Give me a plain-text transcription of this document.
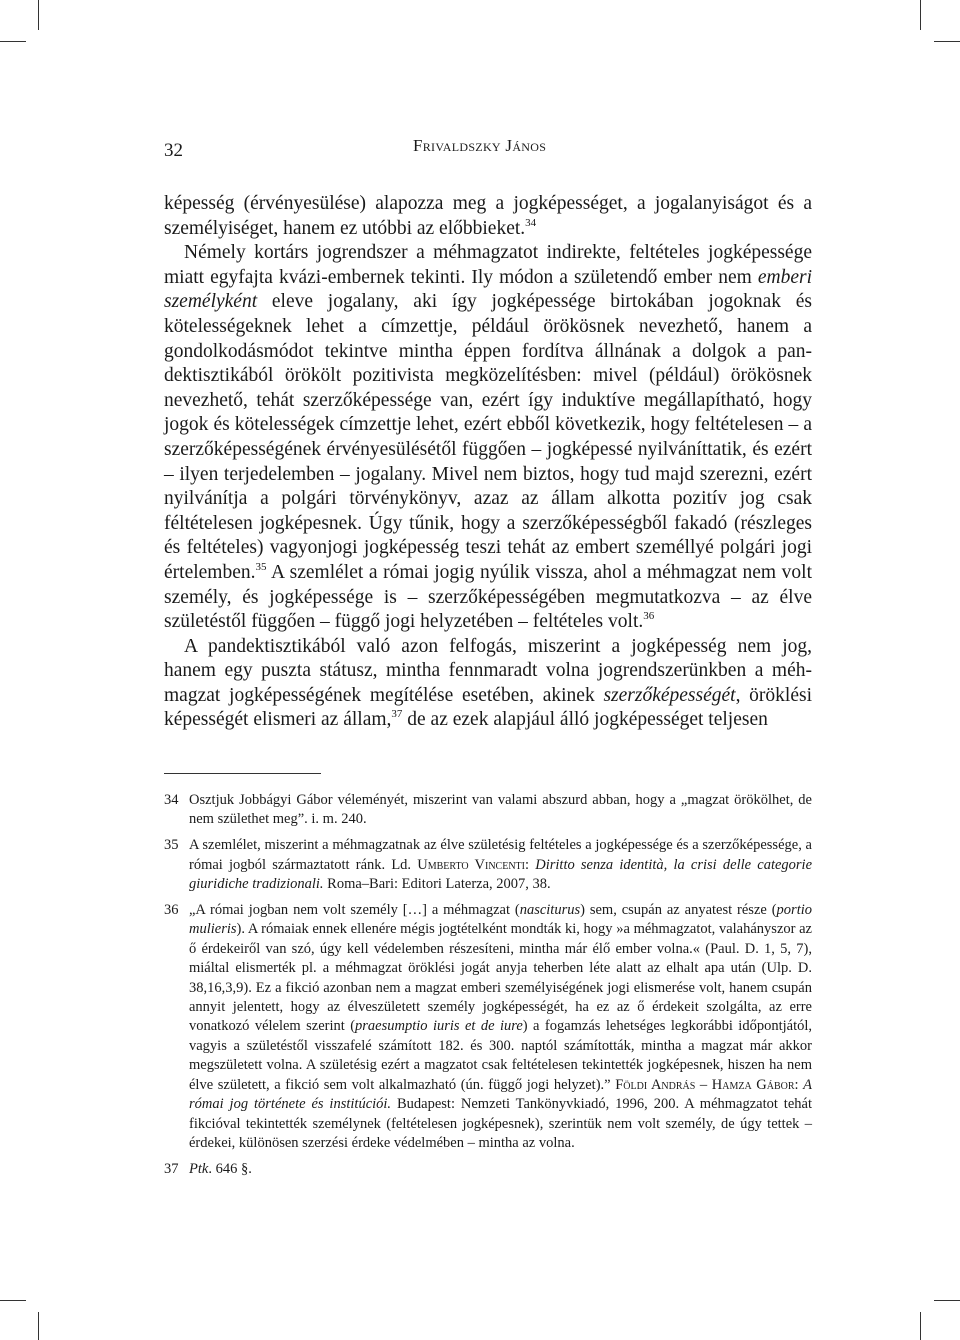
32	Frivaldszky János

képesség (érvényesülése) alapozza meg a jogképességet, a jogalanyiságot és a személyiséget, hanem ez utóbbi az előbbieket.$^{34}$

Némely kortárs jogrendszer a méhmagzatot indirekte, feltételes jogképessége miatt egyfajta kvázi-embernek tekinti. Ily módon a születendő ember nem emberi személyként eleve jogalany, aki így jogképessége birtokában jogoknak és kötelességeknek lehet a címzettje, például örökösnek nevezhető, hanem a gondolkodásmódot tekintve mintha éppen fordítva állnának a dolgok a pandektisztikából örökölt pozitivista megközelítésben: mivel (például) örökösnek nevezhető, tehát szerzőképessége van, ezért így induktíve megállapítható, hogy jogok és kötelességek címzettje lehet, ezért ebből következik, hogy feltételesen – a szerzőképességének érvényesülésétől függően – jogképessé nyilváníttatik, és ezért – ilyen terjedelemben – jogalany. Mivel nem biztos, hogy tud majd szerezni, ezért nyilvánítja a polgári törvénykönyv, azaz az állam alkotta pozitív jog csak féltételesen jogképesnek. Úgy tűnik, hogy a szerzőképességből fakadó (részleges és feltételes) vagyonjogi jogképesség teszi tehát az embert személlyé polgári jogi értelemben.$^{35}$ A szemlélet a római jogig nyúlik vissza, ahol a méhmagzat nem volt személy, és jogképessége is – szerzőképességében megmutatkozva – az élve születéstől függően – függő jogi helyzetében – feltételes volt.$^{36}$

A pandektisztikából való azon felfogás, miszerint a jogképesség nem jog, hanem egy puszta státusz, mintha fennmaradt volna jogrendszerünkben a méhmagzat jogképességének megítélése esetében, akinek szerzőképességét, öröklési képességét elismeri az állam,$^{37}$ de az ezek alapjául álló jogképességet teljesen

34 Osztjuk Jobbágyi Gábor véleményét, miszerint van valami abszurd abban, hogy a „magzat örökölhet, de nem születhet meg”. i. m. 240.
35 A szemlélet, miszerint a méhmagzatnak az élve születésig feltételes a jogképessége és a szerzőképessége, a római jogból származtatott ránk. Ld. Umberto Vincenti: Diritto senza identità, la crisi delle categorie giuridiche tradizionali. Roma–Bari: Editori Laterza, 2007, 38.
36 „A római jogban nem volt személy […] a méhmagzat (nasciturus) sem, csupán az anyatest része (portio mulieris). A rómaiak ennek ellenére mégis jogtételként mondták ki, hogy »a méhmagzatot, valahányszor az ő érdekeiről van szó, úgy kell védelemben részesíteni, mintha már élő ember volna.« (Paul. D. 1, 5, 7), miáltal elismerték pl. a méhmagzat öröklési jogát anyja teherben léte alatt az elhalt apa után (Ulp. D. 38,16,3,9). Ez a fikció azonban nem a magzat emberi személyiségének jogi elismerése volt, hanem csupán annyit jelentett, hogy az élveszületett személy jogképességét, ha ez az ő érdekeit szolgálta, az erre vonatkozó vélelem szerint (praesumptio iuris et de iure) a fogamzás lehetséges legkorábbi időpontjától, vagyis a születéstől visszafelé számított 182. és 300. naptól számították, mintha a magzat már akkor megszületett volna. A születésig ezért a magzatot csak feltételesen tekintették jogképesnek, hiszen ha nem élve született, a fikció sem volt alkalmazható (ún. függő jogi helyzet).” Földi András – Hamza Gábor: A római jog története és institúciói. Budapest: Nemzeti Tankönyvkiadó, 1996, 200. A méhmagzatot tehát fikcióval tekintették személynek (feltételesen jogképesnek), szerintük nem volt személy, de úgy tettek – érdekei, különösen szerzési érdeke védelmében – mintha az volna.
37 Ptk. 646 §.
